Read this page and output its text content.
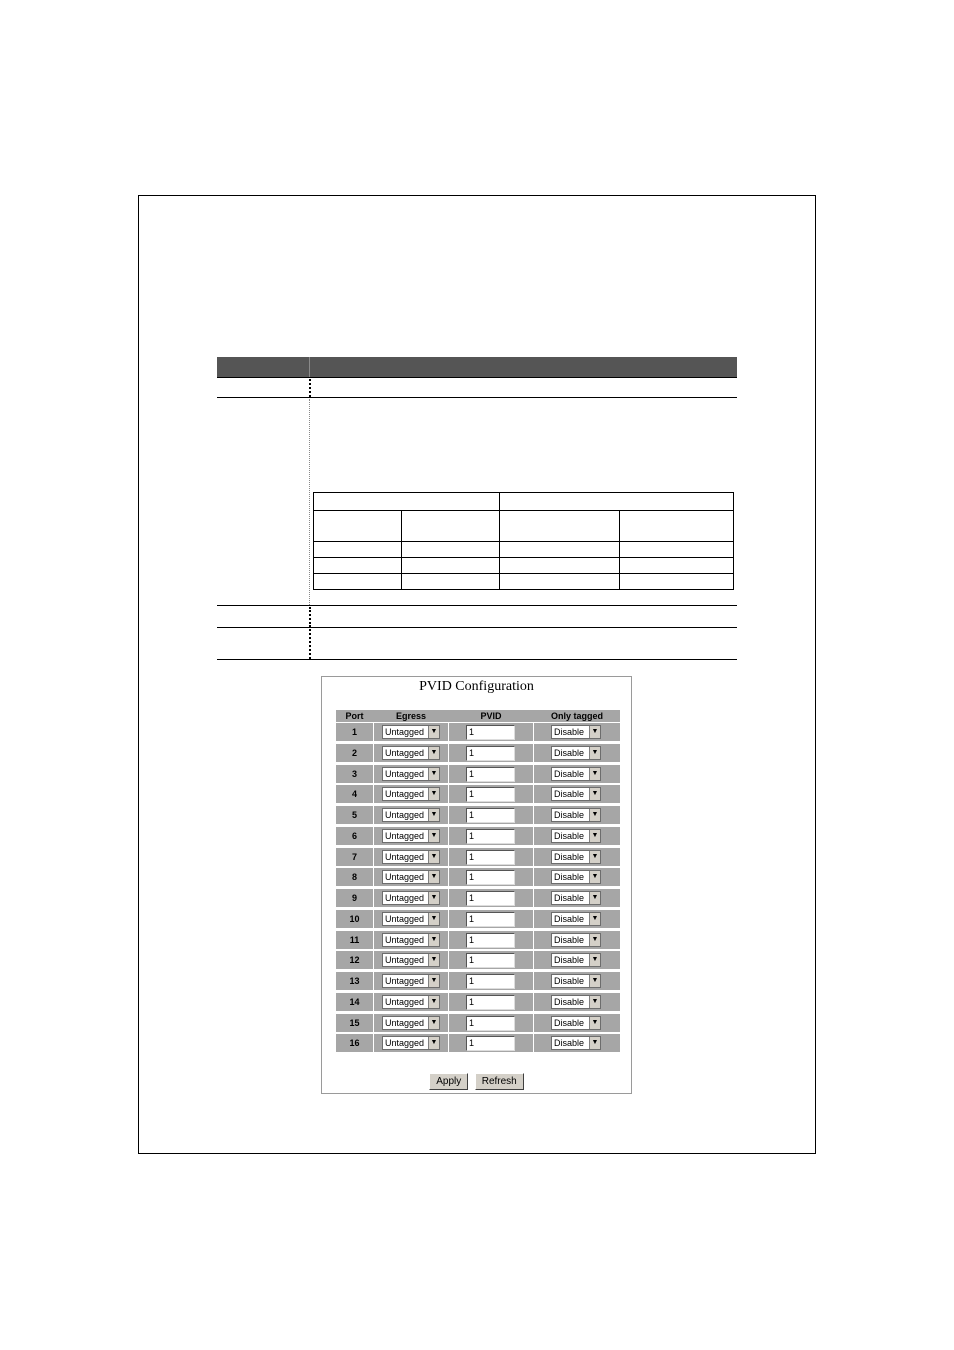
PVID Configuration
Port	Egress	PVID	Only tagged
1	Untagged ▼	1	Disable	▼
2	Untagged ▼	1	Disable	▼
3	Untagged ▼	1	Disable	▼
4	Untagged ▼	1	Disable	▼
5	Untagged ▼	1	Disable	▼
6	Untagged ▼	1	Disable	▼
7	Untagged ▼	1	Disable	▼
8	Untagged ▼	1	Disable	▼
9	Untagged ▼	1	Disable	▼
10	Untagged ▼	1	Disable	▼
11	Untagged ▼	1	Disable	▼
12	Untagged ▼	1	Disable	▼
13	Untagged ▼	1	Disable	▼
14	Untagged ▼	1	Disable	▼
15	Untagged ▼	1	Disable	▼
16	Untagged ▼	1	Disable	▼
Apply Refresh
